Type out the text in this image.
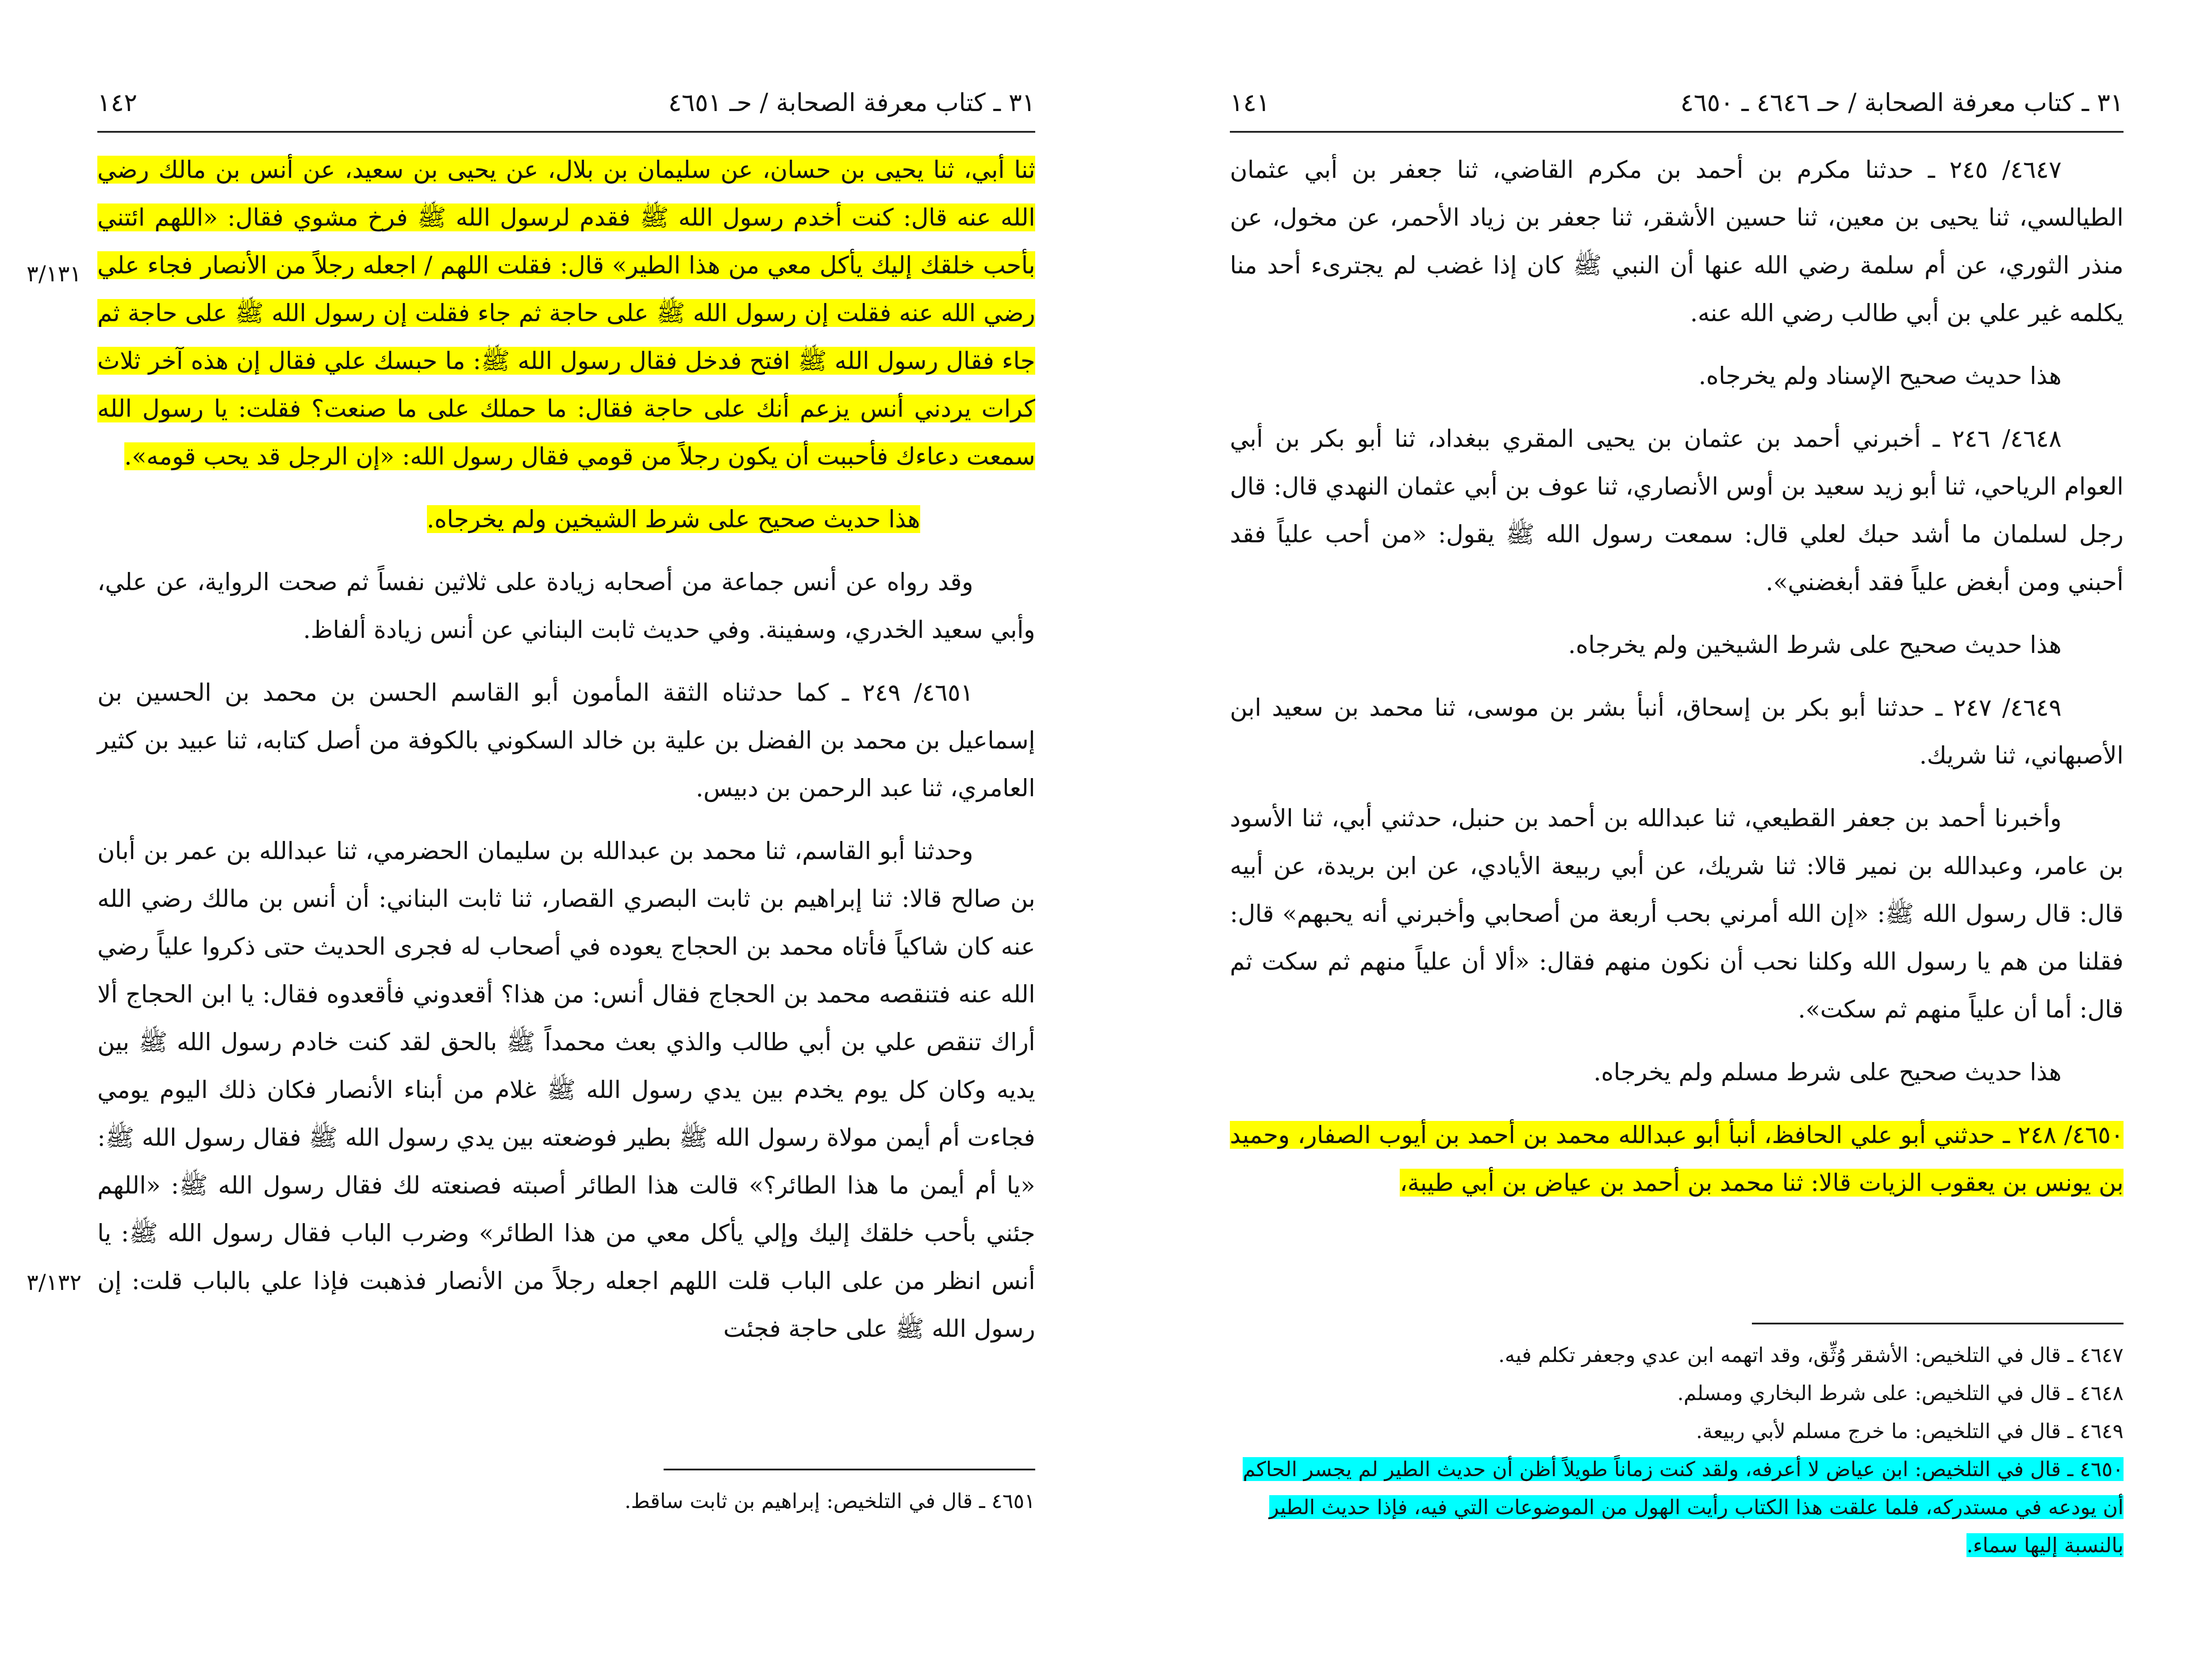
١٤٢	٣١ ـ كتاب معرفة الصحابة / حـ ٤٦٥١
٣/١٣١
٣/١٣٢

ثنا أبي، ثنا يحيى بن حسان، عن سليمان بن بلال، عن يحيى بن سعيد، عن أنس بن مالك رضي الله عنه قال: كنت أخدم رسول الله ﷺ فقدم لرسول الله ﷺ فرخ مشوي فقال: «اللهم ائتني بأحب خلقك إليك يأكل معي من هذا الطير» قال: فقلت اللهم / اجعله رجلاً من الأنصار فجاء علي رضي الله عنه فقلت إن رسول الله ﷺ على حاجة ثم جاء فقلت إن رسول الله ﷺ على حاجة ثم جاء فقال رسول الله ﷺ افتح فدخل فقال رسول الله ﷺ: ما حبسك علي فقال إن هذه آخر ثلاث كرات يردني أنس يزعم أنك على حاجة فقال: ما حملك على ما صنعت؟ فقلت: يا رسول الله سمعت دعاءك فأحببت أن يكون رجلاً من قومي فقال رسول الله: «إن الرجل قد يحب قومه».

هذا حديث صحيح على شرط الشيخين ولم يخرجاه.

وقد رواه عن أنس جماعة من أصحابه زيادة على ثلاثين نفساً ثم صحت الرواية، عن علي، وأبي سعيد الخدري، وسفينة. وفي حديث ثابت البناني عن أنس زيادة ألفاظ.

٤٦٥١/ ٢٤٩ ـ كما حدثناه الثقة المأمون أبو القاسم الحسن بن محمد بن الحسين بن إسماعيل بن محمد بن الفضل بن علية بن خالد السكوني بالكوفة من أصل كتابه، ثنا عبيد بن كثير العامري، ثنا عبد الرحمن بن دبيس.

وحدثنا أبو القاسم، ثنا محمد بن عبدالله بن سليمان الحضرمي، ثنا عبدالله بن عمر بن أبان بن صالح قالا: ثنا إبراهيم بن ثابت البصري القصار، ثنا ثابت البناني: أن أنس بن مالك رضي الله عنه كان شاكياً فأتاه محمد بن الحجاج يعوده في أصحاب له فجرى الحديث حتى ذكروا علياً رضي الله عنه فتنقصه محمد بن الحجاج فقال أنس: من هذا؟ أقعدوني فأقعدوه فقال: يا ابن الحجاج ألا أراك تنقص علي بن أبي طالب والذي بعث محمداً ﷺ بالحق لقد كنت خادم رسول الله ﷺ بين يديه وكان كل يوم يخدم بين يدي رسول الله ﷺ غلام من أبناء الأنصار فكان ذلك اليوم يومي فجاءت أم أيمن مولاة رسول الله ﷺ بطير فوضعته بين يدي رسول الله ﷺ فقال رسول الله ﷺ: «يا أم أيمن ما هذا الطائر؟» قالت هذا الطائر أصبته فصنعته لك فقال رسول الله ﷺ: «اللهم جئني بأحب خلقك إليك وإلي يأكل معي من هذا الطائر» وضرب الباب فقال رسول الله ﷺ: يا أنس انظر من على الباب قلت اللهم اجعله رجلاً من الأنصار فذهبت فإذا علي بالباب قلت: إن رسول الله ﷺ على حاجة فجئت

٤٦٥١ ـ قال في التلخيص: إبراهيم بن ثابت ساقط.

١٤١	٣١ ـ كتاب معرفة الصحابة / حـ ٤٦٤٦ ـ ٤٦٥٠

٤٦٤٧/ ٢٤٥ ـ حدثنا مكرم بن أحمد بن مكرم القاضي، ثنا جعفر بن أبي عثمان الطيالسي، ثنا يحيى بن معين، ثنا حسين الأشقر، ثنا جعفر بن زياد الأحمر، عن مخول، عن منذر الثوري، عن أم سلمة رضي الله عنها أن النبي ﷺ كان إذا غضب لم يجترىء أحد منا يكلمه غير علي بن أبي طالب رضي الله عنه.

هذا حديث صحيح الإسناد ولم يخرجاه.

٤٦٤٨/ ٢٤٦ ـ أخبرني أحمد بن عثمان بن يحيى المقري ببغداد، ثنا أبو بكر بن أبي العوام الرياحي، ثنا أبو زيد سعيد بن أوس الأنصاري، ثنا عوف بن أبي عثمان النهدي قال: قال رجل لسلمان ما أشد حبك لعلي قال: سمعت رسول الله ﷺ يقول: «من أحب علياً فقد أحبني ومن أبغض علياً فقد أبغضني».

هذا حديث صحيح على شرط الشيخين ولم يخرجاه.

٤٦٤٩/ ٢٤٧ ـ حدثنا أبو بكر بن إسحاق، أنبأ بشر بن موسى، ثنا محمد بن سعيد ابن الأصبهاني، ثنا شريك.

وأخبرنا أحمد بن جعفر القطيعي، ثنا عبدالله بن أحمد بن حنبل، حدثني أبي، ثنا الأسود بن عامر، وعبدالله بن نمير قالا: ثنا شريك، عن أبي ربيعة الأيادي، عن ابن بريدة، عن أبيه قال: قال رسول الله ﷺ: «إن الله أمرني بحب أربعة من أصحابي وأخبرني أنه يحبهم» قال: فقلنا من هم يا رسول الله وكلنا نحب أن نكون منهم فقال: «ألا أن علياً منهم ثم سكت ثم قال: أما أن علياً منهم ثم سكت».

هذا حديث صحيح على شرط مسلم ولم يخرجاه.

٤٦٥٠/ ٢٤٨ ـ حدثني أبو علي الحافظ، أنبأ أبو عبدالله محمد بن أحمد بن أيوب الصفار، وحميد بن يونس بن يعقوب الزيات قالا: ثنا محمد بن أحمد بن عياض بن أبي طيبة،

٤٦٤٧ ـ قال في التلخيص: الأشقر وُثِّق، وقد اتهمه ابن عدي وجعفر تكلم فيه.

٤٦٤٨ ـ قال في التلخيص: على شرط البخاري ومسلم.

٤٦٤٩ ـ قال في التلخيص: ما خرج مسلم لأبي ربيعة.

٤٦٥٠ ـ قال في التلخيص: ابن عياض لا أعرفه، ولقد كنت زماناً طويلاً أظن أن حديث الطير لم يجسر الحاكم أن يودعه في مستدركه، فلما علقت هذا الكتاب رأيت الهول من الموضوعات التي فيه، فإذا حديث الطير بالنسبة إليها سماء.
